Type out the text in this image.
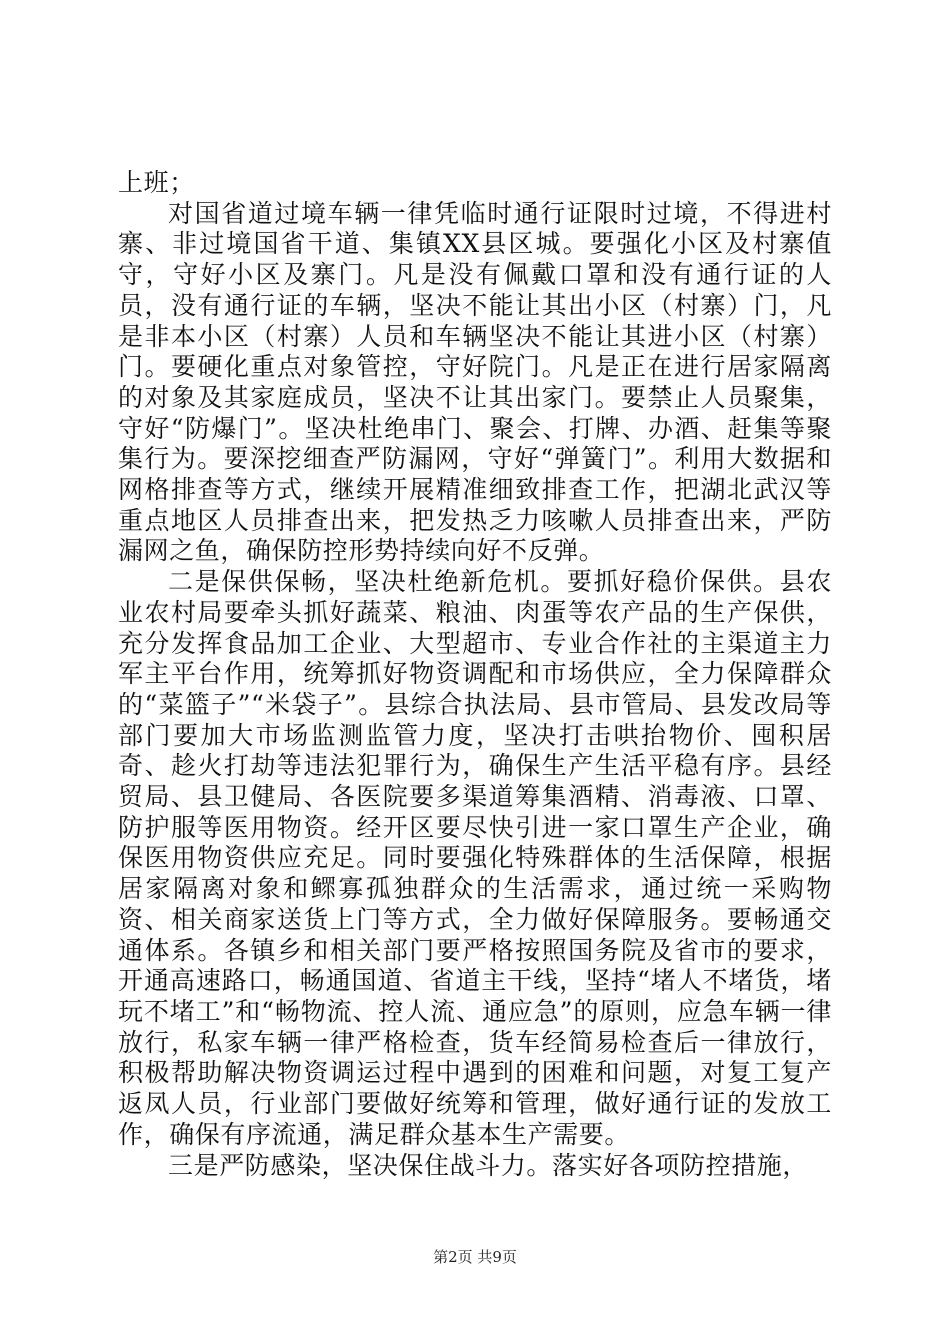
上班；

对国省道过境车辆一律凭临时通行证限时过境，不得进村寨、非过境国省干道、集镇XX县区城。要强化小区及村寨值守，守好小区及寨门。凡是没有佩戴口罩和没有通行证的人员，没有通行证的车辆，坚决不能让其出小区（村寨）门，凡是非本小区（村寨）人员和车辆坚决不能让其进小区（村寨）门。要硬化重点对象管控，守好院门。凡是正在进行居家隔离的对象及其家庭成员，坚决不让其出家门。要禁止人员聚集，守好“防爆门”。坚决杜绝串门、聚会、打牌、办酒、赶集等聚集行为。要深挖细查严防漏网，守好“弹簧门”。利用大数据和网格排查等方式，继续开展精准细致排查工作，把湖北武汉等重点地区人员排查出来，把发热乏力咳嗽人员排查出来，严防漏网之鱼，确保防控形势持续向好不反弹。

二是保供保畅，坚决杜绝新危机。要抓好稳价保供。县农业农村局要牵头抓好蔬菜、粮油、肉蛋等农产品的生产保供，充分发挥食品加工企业、大型超市、专业合作社的主渠道主力军主平台作用，统筹抓好物资调配和市场供应，全力保障群众的“菜篮子”“米袋子”。县综合执法局、县市管局、县发改局等部门要加大市场监测监管力度，坚决打击哄抬物价、囤积居奇、趁火打劫等违法犯罪行为，确保生产生活平稳有序。县经贸局、县卫健局、各医院要多渠道筹集酒精、消毒液、口罩、防护服等医用物资。经开区要尽快引进一家口罩生产企业，确保医用物资供应充足。同时要强化特殊群体的生活保障，根据居家隔离对象和鳏寡孤独群众的生活需求，通过统一采购物资、相关商家送货上门等方式，全力做好保障服务。要畅通交通体系。各镇乡和相关部门要严格按照国务院及省市的要求，开通高速路口，畅通国道、省道主干线，坚持“堵人不堵货，堵玩不堵工”和“畅物流、控人流、通应急”的原则，应急车辆一律放行，私家车辆一律严格检查，货车经简易检查后一律放行，积极帮助解决物资调运过程中遇到的困难和问题，对复工复产返凤人员，行业部门要做好统筹和管理，做好通行证的发放工作，确保有序流通，满足群众基本生产需要。

三是严防感染，坚决保住战斗力。落实好各项防控措施，

第2页 共9页
